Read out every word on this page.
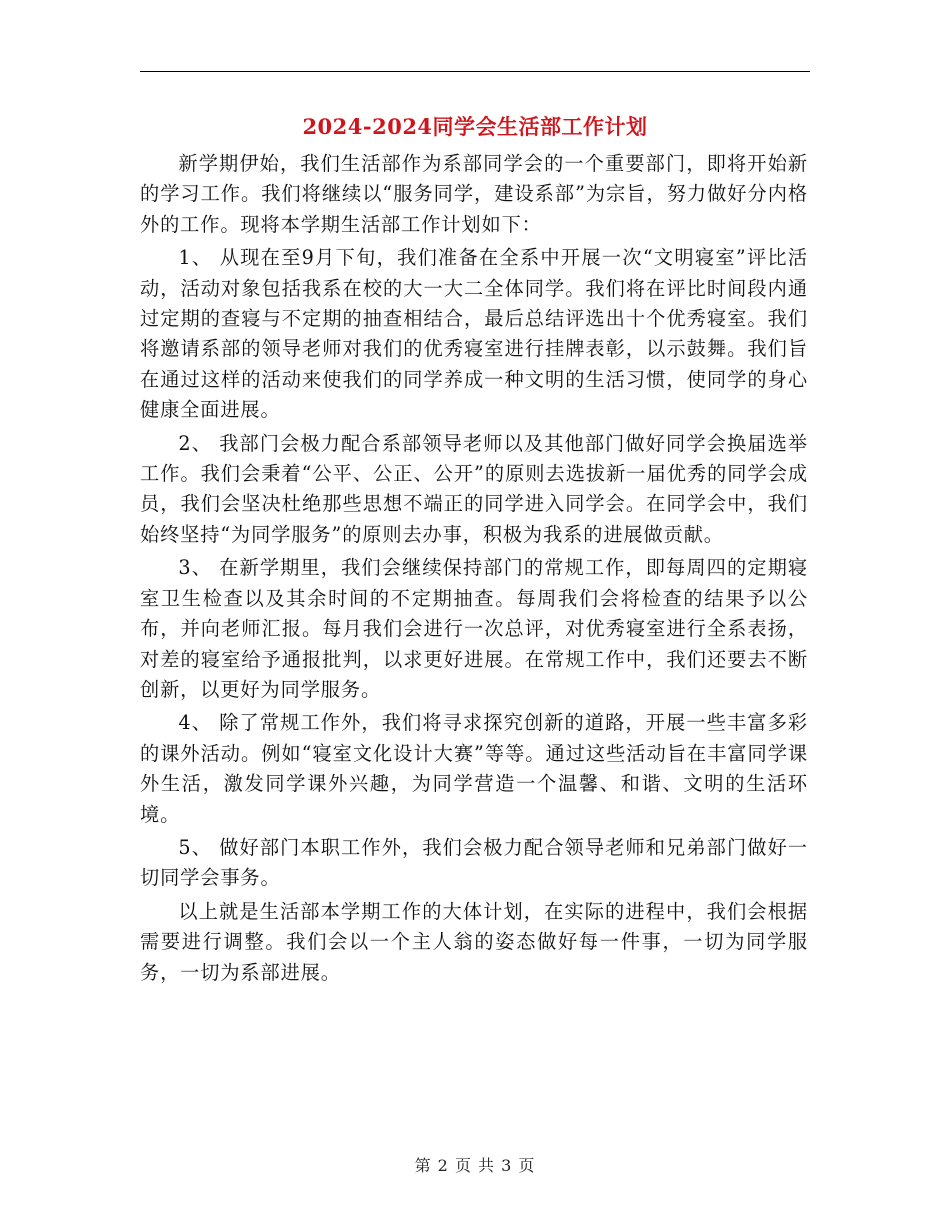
2024-2024同学会生活部工作计划

新学期伊始，我们生活部作为系部同学会的一个重要部门，即将开始新的学习工作。我们将继续以“服务同学，建设系部”为宗旨，努力做好分内格外的工作。现将本学期生活部工作计划如下：

1、 从现在至9月下旬，我们准备在全系中开展一次“文明寝室”评比活动，活动对象包括我系在校的大一大二全体同学。我们将在评比时间段内通过定期的查寝与不定期的抽查相结合，最后总结评选出十个优秀寝室。我们将邀请系部的领导老师对我们的优秀寝室进行挂牌表彰，以示鼓舞。我们旨在通过这样的活动来使我们的同学养成一种文明的生活习惯，使同学的身心健康全面进展。

2、 我部门会极力配合系部领导老师以及其他部门做好同学会换届选举工作。我们会秉着“公平、公正、公开”的原则去选拔新一届优秀的同学会成员，我们会坚决杜绝那些思想不端正的同学进入同学会。在同学会中，我们始终坚持“为同学服务”的原则去办事，积极为我系的进展做贡献。

3、 在新学期里，我们会继续保持部门的常规工作，即每周四的定期寝室卫生检查以及其余时间的不定期抽查。每周我们会将检查的结果予以公布，并向老师汇报。每月我们会进行一次总评，对优秀寝室进行全系表扬，对差的寝室给予通报批判，以求更好进展。在常规工作中，我们还要去不断创新，以更好为同学服务。

4、 除了常规工作外，我们将寻求探究创新的道路，开展一些丰富多彩的课外活动。例如“寝室文化设计大赛”等等。通过这些活动旨在丰富同学课外生活，激发同学课外兴趣，为同学营造一个温馨、和谐、文明的生活环境。

5、 做好部门本职工作外，我们会极力配合领导老师和兄弟部门做好一切同学会事务。

以上就是生活部本学期工作的大体计划，在实际的进程中，我们会根据需要进行调整。我们会以一个主人翁的姿态做好每一件事，一切为同学服务，一切为系部进展。

第 2 页 共 3 页
